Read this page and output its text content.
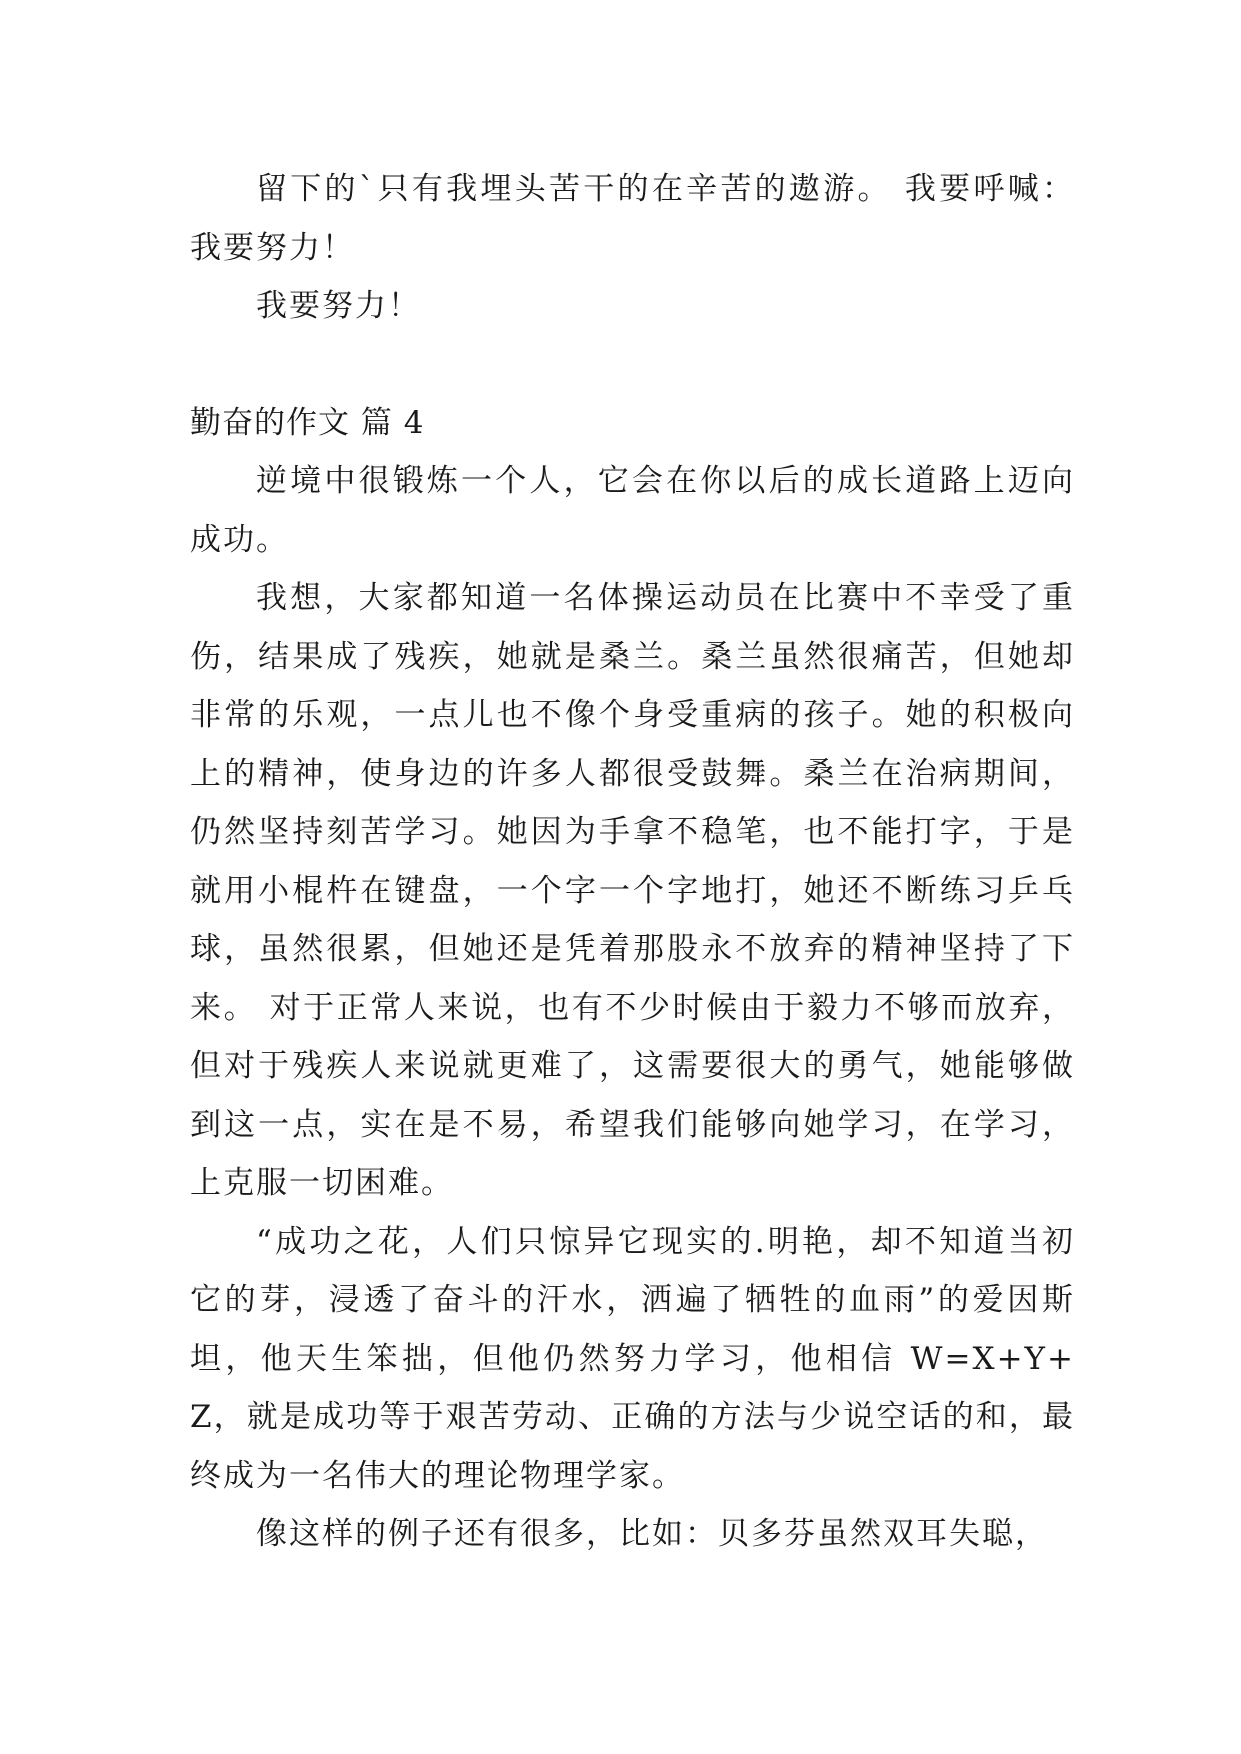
留下的`只有我埋头苦干的在辛苦的遨游。 我要呼喊：我要努力！

我要努力！

勤奋的作文 篇 4

逆境中很锻炼一个人，它会在你以后的成长道路上迈向成功。

我想，大家都知道一名体操运动员在比赛中不幸受了重伤，结果成了残疾，她就是桑兰。桑兰虽然很痛苦，但她却非常的乐观，一点儿也不像个身受重病的孩子。她的积极向上的精神，使身边的许多人都很受鼓舞。桑兰在治病期间，仍然坚持刻苦学习。她因为手拿不稳笔，也不能打字，于是就用小棍杵在键盘，一个字一个字地打，她还不断练习乒乓球，虽然很累，但她还是凭着那股永不放弃的精神坚持了下来。 对于正常人来说，也有不少时候由于毅力不够而放弃，但对于残疾人来说就更难了，这需要很大的勇气，她能够做到这一点，实在是不易，希望我们能够向她学习，在学习，上克服一切困难。

“成功之花，人们只惊异它现实的.明艳，却不知道当初它的芽，浸透了奋斗的汗水，洒遍了牺牲的血雨”的爱因斯坦，他天生笨拙，但他仍然努力学习，他相信 W=X+Y+Z，就是成功等于艰苦劳动、正确的方法与少说空话的和，最终成为一名伟大的理论物理学家。

像这样的例子还有很多，比如：贝多芬虽然双耳失聪，
